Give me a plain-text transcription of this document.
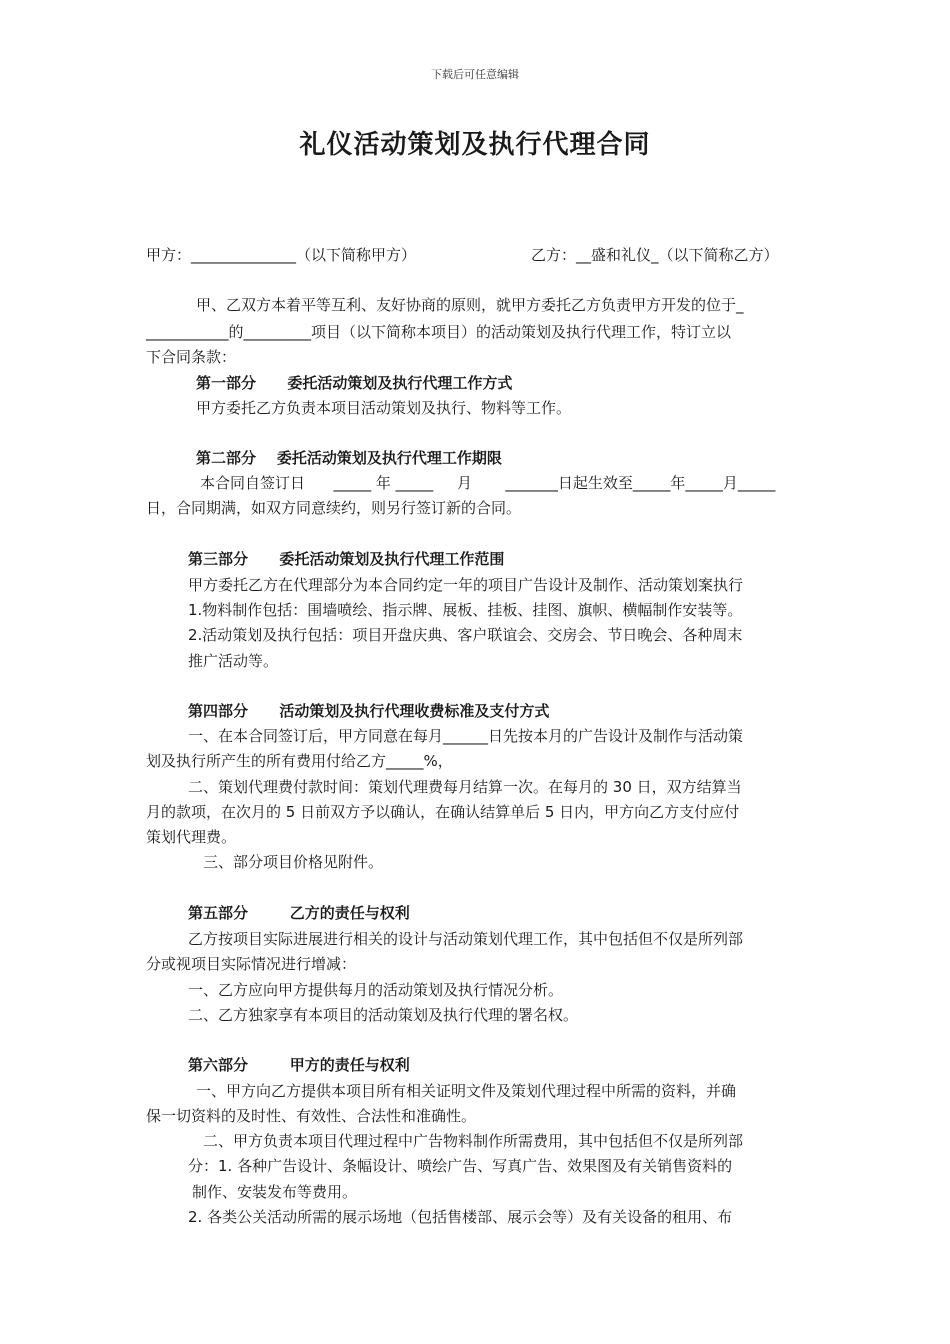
下载后可任意编辑
礼仪活动策划及执行代理合同
甲方：______________（以下简称甲方）	乙方：__盛和礼仪_（以下简称乙方）
甲、乙双方本着平等互利、友好协商的原则，就甲方委托乙方负责甲方开发的位于_
___________的_________项目（以下简称本项目）的活动策划及执行代理工作，特订立以
下合同条款：
第一部分      委托活动策划及执行代理工作方式
甲方委托乙方负责本项目活动策划及执行、物料等工作。
第二部分    委托活动策划及执行代理工作期限
本合同自签订日      _____ 年 _____     月       _______日起生效至_____年_____月_____
日，合同期满，如双方同意续约，则另行签订新的合同。
第三部分      委托活动策划及执行代理工作范围
甲方委托乙方在代理部分为本合同约定一年的项目广告设计及制作、活动策划案执行
1.物料制作包括：围墙喷绘、指示牌、展板、挂板、挂图、旗帜、横幅制作安装等。
2.活动策划及执行包括：项目开盘庆典、客户联谊会、交房会、节日晚会、各种周末
推广活动等。
第四部分      活动策划及执行代理收费标准及支付方式
一、在本合同签订后，甲方同意在每月______日先按本月的广告设计及制作与活动策
划及执行所产生的所有费用付给乙方_____%，
二、策划代理费付款时间：策划代理费每月结算一次。在每月的 30 日，双方结算当
月的款项，在次月的 5 日前双方予以确认，在确认结算单后 5 日内，甲方向乙方支付应付
策划代理费。
三、部分项目价格见附件。
第五部分        乙方的责任与权利
乙方按项目实际进展进行相关的设计与活动策划代理工作，其中包括但不仅是所列部
分或视项目实际情况进行增减：
一、乙方应向甲方提供每月的活动策划及执行情况分析。
二、乙方独家享有本项目的活动策划及执行代理的署名权。
第六部分        甲方的责任与权利
一、甲方向乙方提供本项目所有相关证明文件及策划代理过程中所需的资料，并确
保一切资料的及时性、有效性、合法性和准确性。
二、甲方负责本项目代理过程中广告物料制作所需费用，其中包括但不仅是所列部
分：1. 各种广告设计、条幅设计、喷绘广告、写真广告、效果图及有关销售资料的
制作、安装发布等费用。
2. 各类公关活动所需的展示场地（包括售楼部、展示会等）及有关设备的租用、布
